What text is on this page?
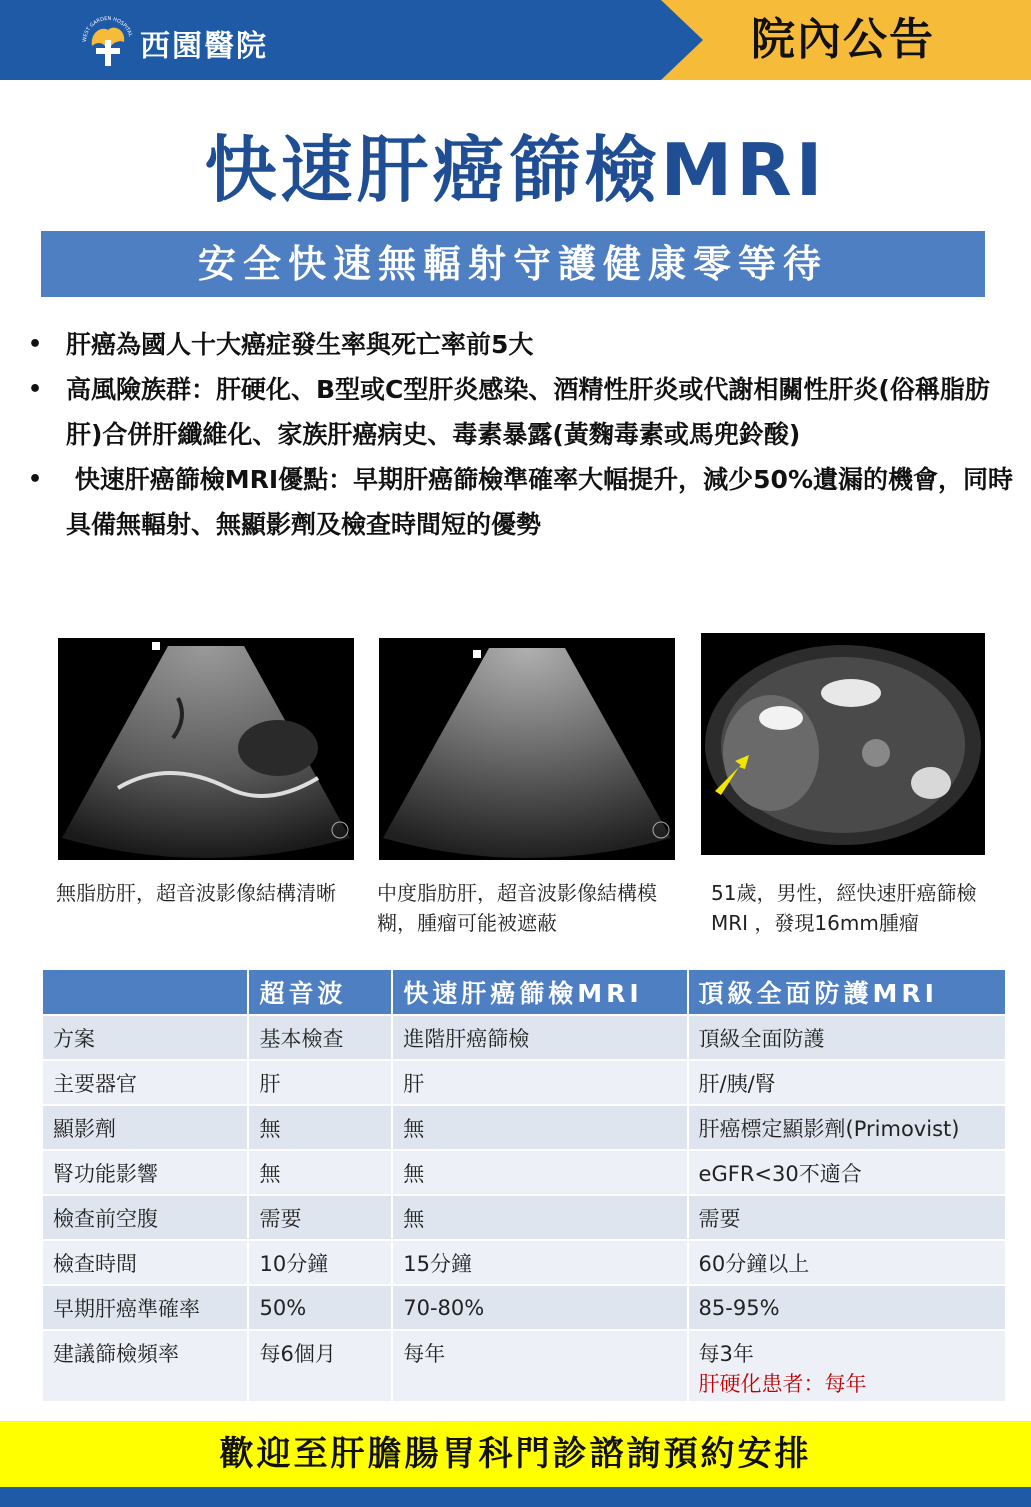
WEST GARDEN HOSPITAL 西園醫院	院內公告
快速肝癌篩檢MRI
安全快速無輻射守護健康零等待
• 肝癌為國人十大癌症發生率與死亡率前5大
• 高風險族群：肝硬化、B型或C型肝炎感染、酒精性肝炎或代謝相關性肝炎(俗稱脂肪肝)合併肝纖維化、家族肝癌病史、毒素暴露(黃麴毒素或馬兜鈴酸)
• 快速肝癌篩檢MRI優點：早期肝癌篩檢準確率大幅提升，減少50%遺漏的機會，同時具備無輻射、無顯影劑及檢查時間短的優勢
無脂肪肝，超音波影像結構清晰	中度脂肪肝，超音波影像結構模糊，腫瘤可能被遮蔽
51歲，男性，經快速肝癌篩檢MRI ，發現16mm腫瘤
	超音波	快速肝癌篩檢MRI	頂級全面防護MRI
方案	基本檢查	進階肝癌篩檢	頂級全面防護
主要器官	肝	肝	肝/胰/腎
顯影劑	無	無	肝癌標定顯影劑(Primovist)
腎功能影響	無	無	eGFR<30不適合
檢查前空腹	需要	無	需要
檢查時間	10分鐘	15分鐘	60分鐘以上
早期肝癌準確率	50%	70-80%	85-95%
建議篩檢頻率	每6個月	每年	每3年
肝硬化患者：每年
歡迎至肝膽腸胃科門診諮詢預約安排
